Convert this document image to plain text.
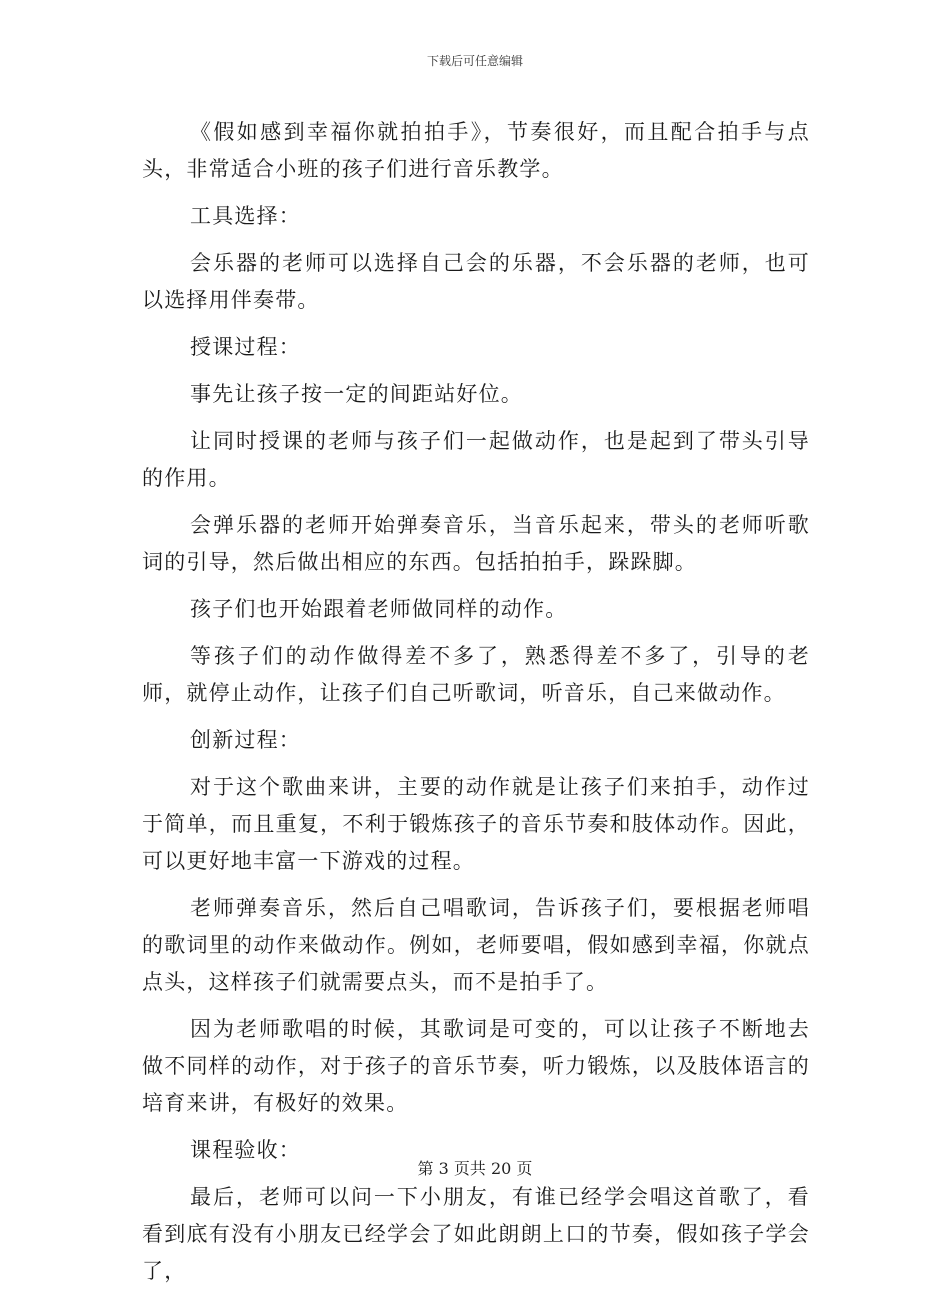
下载后可任意编辑

《假如感到幸福你就拍拍手》，节奏很好，而且配合拍手与点头，非常适合小班的孩子们进行音乐教学。

工具选择：

会乐器的老师可以选择自己会的乐器，不会乐器的老师，也可以选择用伴奏带。

授课过程：

事先让孩子按一定的间距站好位。

让同时授课的老师与孩子们一起做动作，也是起到了带头引导的作用。

会弹乐器的老师开始弹奏音乐，当音乐起来，带头的老师听歌词的引导，然后做出相应的东西。包括拍拍手，跺跺脚。

孩子们也开始跟着老师做同样的动作。

等孩子们的动作做得差不多了，熟悉得差不多了，引导的老师，就停止动作，让孩子们自己听歌词，听音乐，自己来做动作。

创新过程：

对于这个歌曲来讲，主要的动作就是让孩子们来拍手，动作过于简单，而且重复，不利于锻炼孩子的音乐节奏和肢体动作。因此，可以更好地丰富一下游戏的过程。

老师弹奏音乐，然后自己唱歌词，告诉孩子们，要根据老师唱的歌词里的动作来做动作。例如，老师要唱，假如感到幸福，你就点点头，这样孩子们就需要点头，而不是拍手了。

因为老师歌唱的时候，其歌词是可变的，可以让孩子不断地去做不同样的动作，对于孩子的音乐节奏，听力锻炼，以及肢体语言的培育来讲，有极好的效果。

课程验收：

最后，老师可以问一下小朋友，有谁已经学会唱这首歌了，看看到底有没有小朋友已经学会了如此朗朗上口的节奏，假如孩子学会了，

第 3 页共 20 页
